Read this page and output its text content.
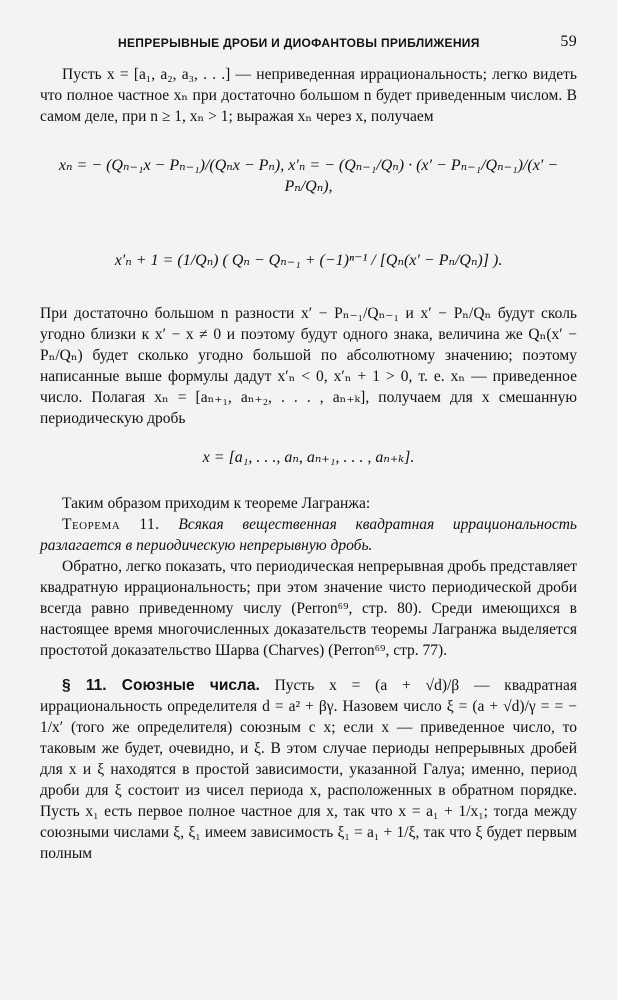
НЕПРЕРЫВНЫЕ ДРОБИ И ДИОФАНТОВЫ ПРИБЛИЖЕНИЯ	59

Пусть x = [a₁, a₂, a₃, . . .] — неприведенная иррациональность; легко видеть что полное частное xₙ при достаточно большом n будет приведенным числом. В самом деле, при n ≥ 1, xₙ > 1; выражая xₙ через x, получаем

xₙ = − (Qₙ₋₁x − Pₙ₋₁)/(Qₙx − Pₙ), x′ₙ = − (Qₙ₋₁/Qₙ) · (x′ − Pₙ₋₁/Qₙ₋₁)/(x′ − Pₙ/Qₙ),
x′ₙ + 1 = (1/Qₙ) ( Qₙ − Qₙ₋₁ + (−1)ⁿ⁻¹ / [Qₙ(x′ − Pₙ/Qₙ)] ).

При достаточно большом n разности x′ − Pₙ₋₁/Qₙ₋₁ и x′ − Pₙ/Qₙ будут сколь угодно близки к x′ − x ≠ 0 и поэтому будут одного знака, величина же Qₙ(x′ − Pₙ/Qₙ) будет сколько угодно большой по абсолютному значению; поэтому написанные выше формулы дадут x′ₙ < 0, x′ₙ + 1 > 0, т. е. xₙ — приведенное число. Полагая xₙ = [aₙ₊₁, aₙ₊₂, . . . , aₙ₊ₖ], получаем для x смешанную периодическую дробь

x = [a₁, . . ., aₙ, aₙ₊₁, . . . , aₙ₊ₖ].

Таким образом приходим к теореме Лагранжа:

Теорема 11. Всякая вещественная квадратная иррациональность разлагается в периодическую непрерывную дробь.

Обратно, легко показать, что периодическая непрерывная дробь представляет квадратную иррациональность; при этом значение чисто периодической дроби всегда равно приведенному числу (Perron⁶⁹, стр. 80). Среди имеющихся в настоящее время многочисленных доказательств теоремы Лагранжа выделяется простотой доказательство Шарва (Charves) (Perron⁶⁹, стр. 77).

§ 11. Союзные числа. Пусть x = (a + √d)/β — квадратная иррациональность определителя d = a² + βγ. Назовем число ξ = (a + √d)/γ = = − 1/x′ (того же определителя) союзным с x; если x — приведенное число, то таковым же будет, очевидно, и ξ. В этом случае периоды непрерывных дробей для x и ξ находятся в простой зависимости, указанной Галуа; именно, период дроби для ξ состоит из чисел периода x, расположенных в обратном порядке. Пусть x₁ есть первое полное частное для x, так что x = a₁ + 1/x₁; тогда между союзными числами ξ, ξ₁ имеем зависимость ξ₁ = a₁ + 1/ξ, так что ξ будет первым полным
